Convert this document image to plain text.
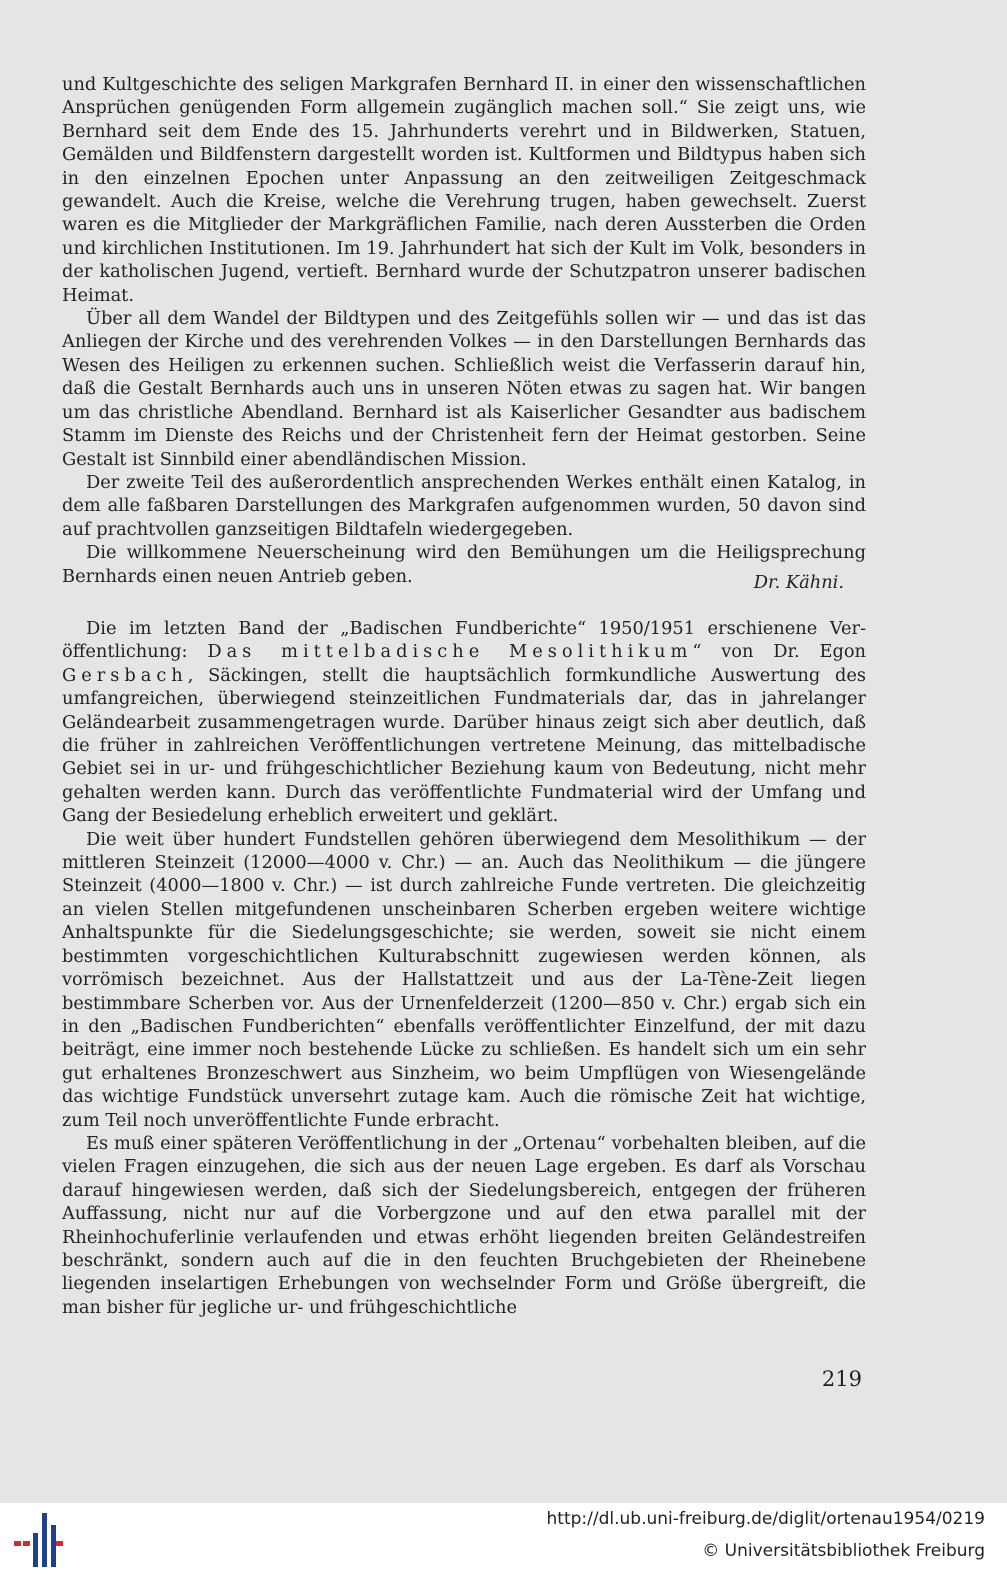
und Kultgeschichte des seligen Markgrafen Bernhard II. in einer den wissenschaftlichen Ansprüchen genügenden Form allgemein zugänglich machen soll.“ Sie zeigt uns, wie Bernhard seit dem Ende des 15. Jahrhunderts verehrt und in Bildwerken, Statuen, Gemälden und Bildfenstern dargestellt worden ist. Kultformen und Bildtypus haben sich in den einzelnen Epochen unter Anpassung an den zeitweiligen Zeitgeschmack gewandelt. Auch die Kreise, welche die Verehrung trugen, haben gewechselt. Zuerst waren es die Mitglieder der Markgräflichen Familie, nach deren Aussterben die Orden und kirchlichen Institutionen. Im 19. Jahrhundert hat sich der Kult im Volk, besonders in der katholischen Jugend, vertieft. Bernhard wurde der Schutzpatron unserer badischen Heimat.

Über all dem Wandel der Bildtypen und des Zeitgefühls sollen wir — und das ist das Anliegen der Kirche und des verehrenden Volkes — in den Darstellungen Bernhards das Wesen des Heiligen zu erkennen suchen. Schließlich weist die Verfasserin darauf hin, daß die Gestalt Bernhards auch uns in unseren Nöten etwas zu sagen hat. Wir bangen um das christliche Abendland. Bernhard ist als Kaiserlicher Gesandter aus badischem Stamm im Dienste des Reichs und der Christenheit fern der Heimat gestorben. Seine Gestalt ist Sinnbild einer abendländischen Mission.

Der zweite Teil des außerordentlich ansprechenden Werkes enthält einen Katalog, in dem alle faßbaren Darstellungen des Markgrafen aufgenommen wurden, 50 davon sind auf prachtvollen ganzseitigen Bildtafeln wiedergegeben.

Die willkommene Neuerscheinung wird den Bemühungen um die Heiligsprechung Bernhards einen neuen Antrieb geben.	Dr. Kähni.

Die im letzten Band der „Badischen Fundberichte“ 1950/1951 erschienene Veröffentlichung: Das mittelbadische Mesolithikum“ von Dr. Egon Gersbach, Säckingen, stellt die hauptsächlich formkundliche Auswertung des umfangreichen, überwiegend steinzeitlichen Fundmaterials dar, das in jahrelanger Geländearbeit zusammengetragen wurde. Darüber hinaus zeigt sich aber deutlich, daß die früher in zahlreichen Veröffentlichungen vertretene Meinung, das mittelbadische Gebiet sei in ur- und frühgeschichtlicher Beziehung kaum von Bedeutung, nicht mehr gehalten werden kann. Durch das veröffentlichte Fundmaterial wird der Umfang und Gang der Besiedelung erheblich erweitert und geklärt.

Die weit über hundert Fundstellen gehören überwiegend dem Mesolithikum — der mittleren Steinzeit (12000—4000 v. Chr.) — an. Auch das Neolithikum — die jüngere Steinzeit (4000—1800 v. Chr.) — ist durch zahlreiche Funde vertreten. Die gleichzeitig an vielen Stellen mitgefundenen unscheinbaren Scherben ergeben weitere wichtige Anhaltspunkte für die Siedelungsgeschichte; sie werden, soweit sie nicht einem bestimmten vorgeschichtlichen Kulturabschnitt zugewiesen werden können, als vorrömisch bezeichnet. Aus der Hallstattzeit und aus der La-Tène-Zeit liegen bestimmbare Scherben vor. Aus der Urnenfelderzeit (1200—850 v. Chr.) ergab sich ein in den „Badischen Fundberichten“ ebenfalls veröffentlichter Einzelfund, der mit dazu beiträgt, eine immer noch bestehende Lücke zu schließen. Es handelt sich um ein sehr gut erhaltenes Bronzeschwert aus Sinzheim, wo beim Umpflügen von Wiesengelände das wichtige Fundstück unversehrt zutage kam. Auch die römische Zeit hat wichtige, zum Teil noch unveröffentlichte Funde erbracht.

Es muß einer späteren Veröffentlichung in der „Ortenau“ vorbehalten bleiben, auf die vielen Fragen einzugehen, die sich aus der neuen Lage ergeben. Es darf als Vorschau darauf hingewiesen werden, daß sich der Siedelungsbereich, entgegen der früheren Auffassung, nicht nur auf die Vorbergzone und auf den etwa parallel mit der Rheinhochuferlinie verlaufenden und etwas erhöht liegenden breiten Geländestreifen beschränkt, sondern auch auf die in den feuchten Bruchgebieten der Rheinebene liegenden inselartigen Erhebungen von wechselnder Form und Größe übergreift, die man bisher für jegliche ur- und frühgeschichtliche

219
http://dl.ub.uni-freiburg.de/diglit/ortenau1954/0219
© Universitätsbibliothek Freiburg
